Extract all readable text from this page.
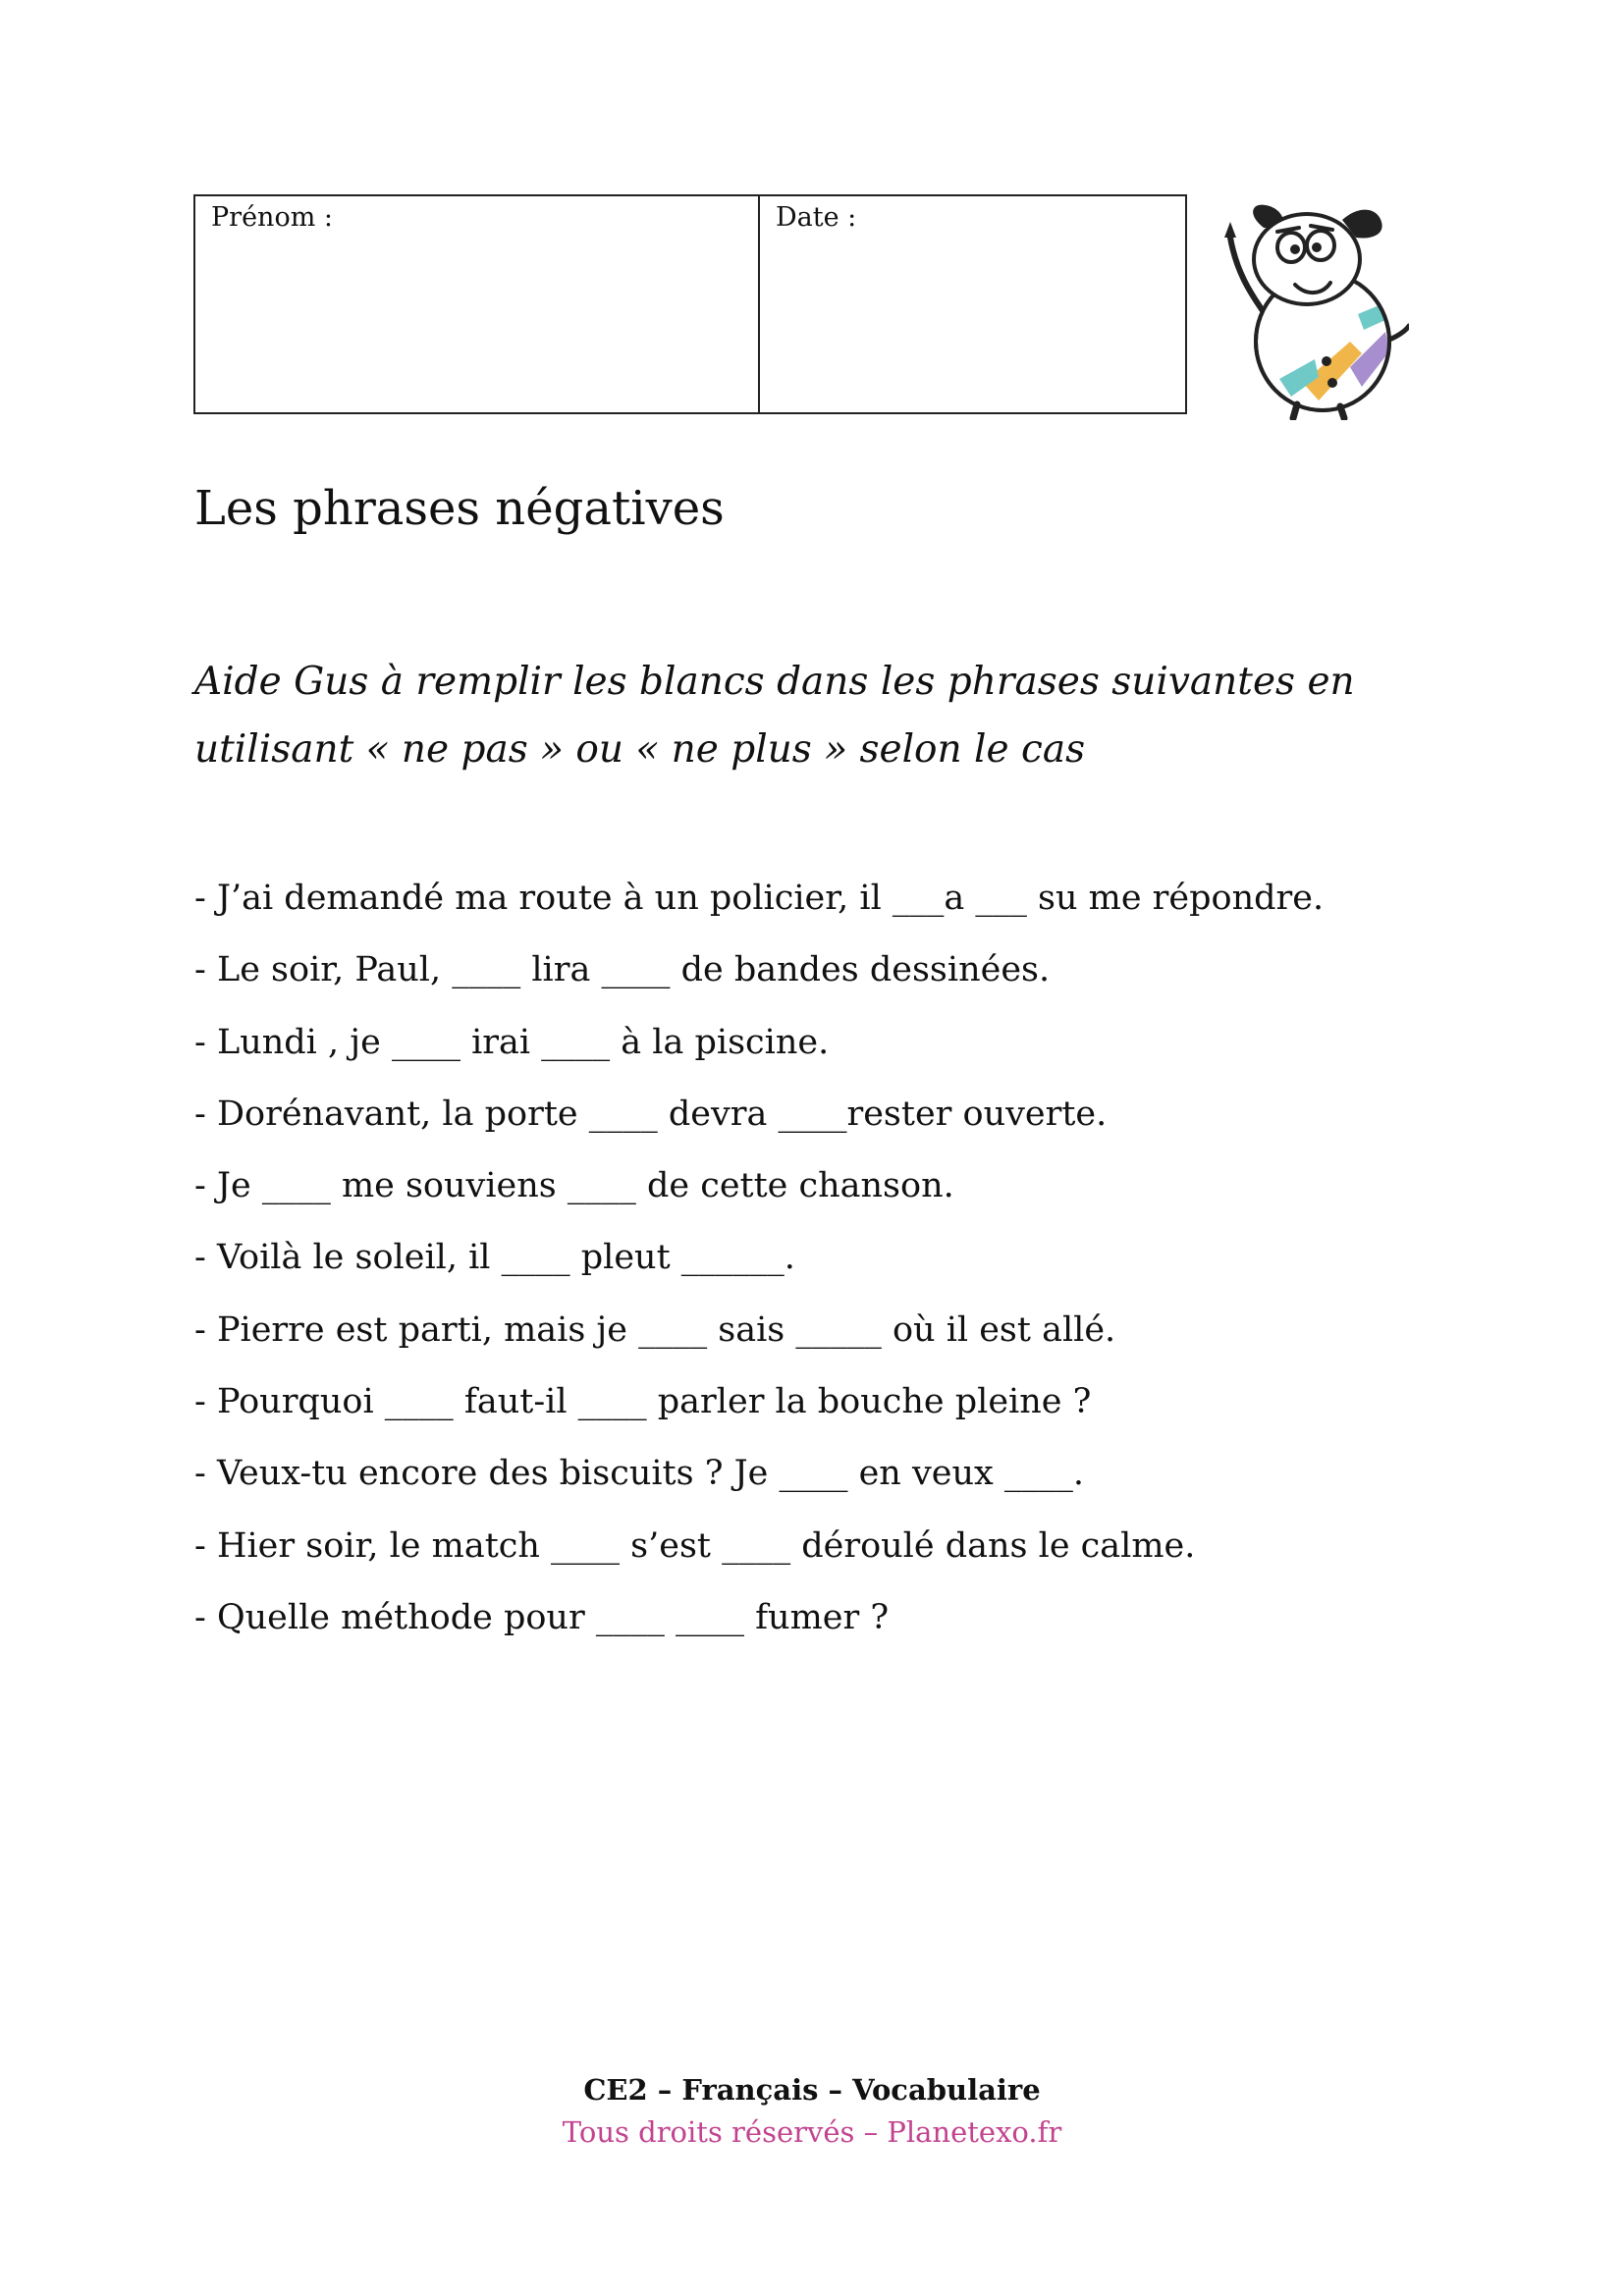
Prénom :	Date :
Les phrases négatives

Aide Gus à remplir les blancs dans les phrases suivantes en utilisant « ne pas » ou « ne plus » selon le cas

- J’ai demandé ma route à un policier, il ___a ___ su me répondre.
- Le soir, Paul, ____ lira ____ de bandes dessinées.
- Lundi , je ____ irai ____ à la piscine.
- Dorénavant, la porte ____ devra ____rester ouverte.
- Je ____ me souviens ____ de cette chanson.
- Voilà le soleil, il ____ pleut ______.
- Pierre est parti, mais je ____ sais _____ où il est allé.
- Pourquoi ____ faut-il ____ parler la bouche pleine ?
- Veux-tu encore des biscuits ? Je ____ en veux ____.
- Hier soir, le match ____ s’est ____ déroulé dans le calme.
- Quelle méthode pour ____ ____ fumer ?
CE2 – Français – Vocabulaire
Tous droits réservés – Planetexo.fr
